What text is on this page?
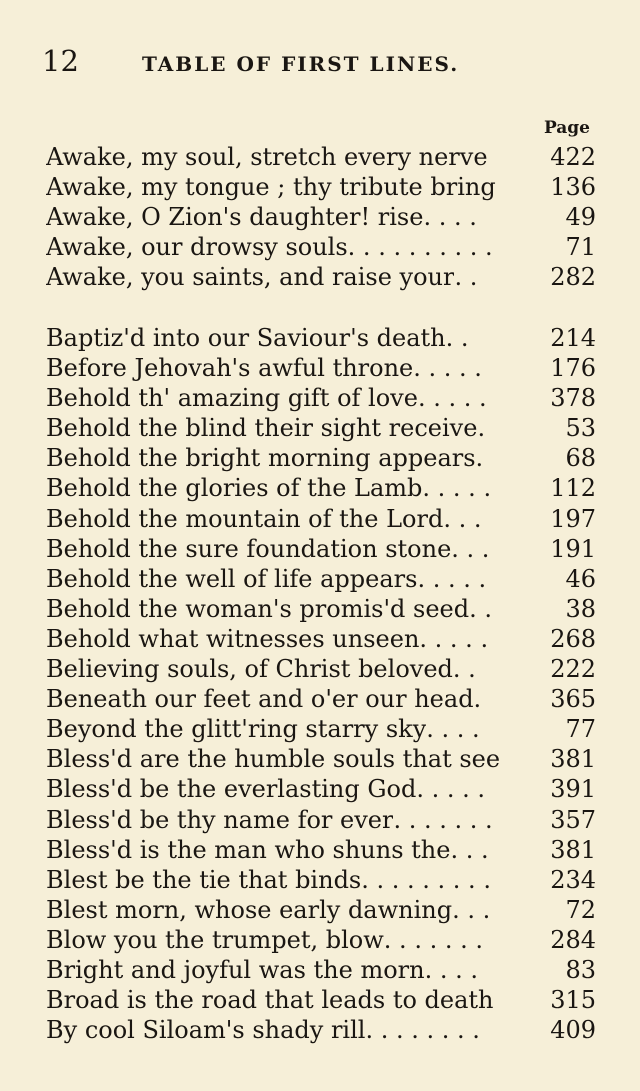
12	TABLE OF FIRST LINES.
Page
Awake, my soul, stretch every nerve	422
Awake, my tongue ; thy tribute bring 136
Awake, O Zion's daughter! rise . . . .	49
Awake, our drowsy souls . . . . . . . . . .	71
Awake, you saints, and raise your . .	282
Baptiz'd into our Saviour's death . .	214
Before Jehovah's awful throne . . . . .	176
Behold th' amazing gift of love . . . . .	378
Behold the blind their sight receive.	53
Behold the bright morning appears.	68
Behold the glories of the Lamb . . . . .	112
Behold the mountain of the Lord . . .	197
Behold the sure foundation stone . . .	191
Behold the well of life appears . . . . .	46
Behold the woman's promis'd seed . .	38
Behold what witnesses unseen . . . . .	268
Believing souls, of Christ beloved . .	222
Beneath our feet and o'er our head.	365
Beyond the glitt'ring starry sky . . . .	77
Bless'd are the humble souls that see 381
Bless'd be the everlasting God . . . . .	391
Bless'd be thy name for ever . . . . . . .	357
Bless'd is the man who shuns the . . .	381
Blest be the tie that binds . . . . . . . . .	234
Blest morn, whose early dawning . . .	72
Blow you the trumpet, blow . . . . . . .	284
Bright and joyful was the morn . . . .	83
Broad is the road that leads to death 315
By cool Siloam's shady rill . . . . . . . .	409
